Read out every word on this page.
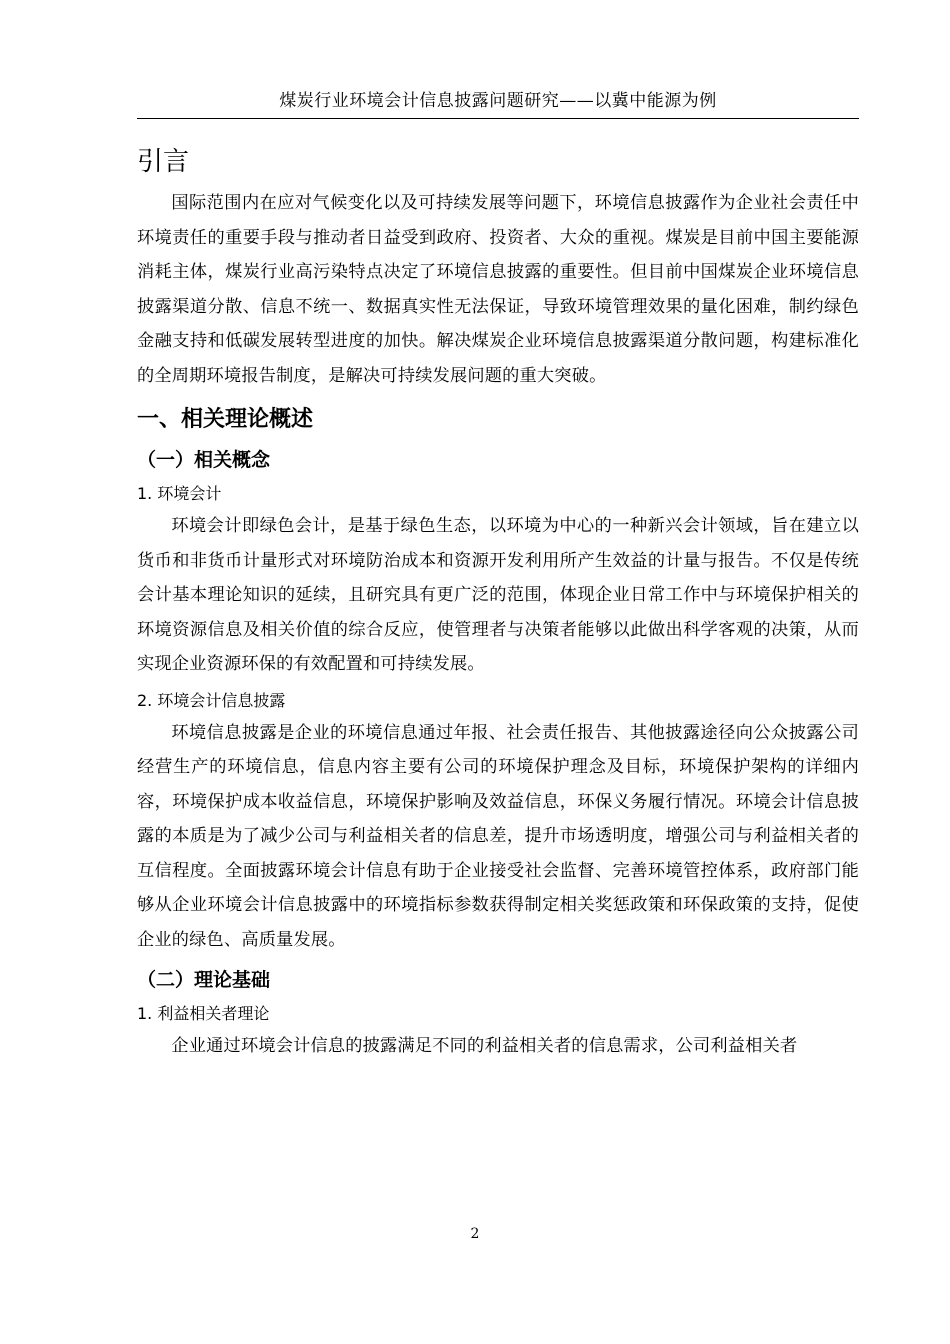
煤炭行业环境会计信息披露问题研究——以冀中能源为例
引言

国际范围内在应对气候变化以及可持续发展等问题下，环境信息披露作为企业社会责任中环境责任的重要手段与推动者日益受到政府、投资者、大众的重视。煤炭是目前中国主要能源消耗主体，煤炭行业高污染特点决定了环境信息披露的重要性。但目前中国煤炭企业环境信息披露渠道分散、信息不统一、数据真实性无法保证，导致环境管理效果的量化困难，制约绿色金融支持和低碳发展转型进度的加快。解决煤炭企业环境信息披露渠道分散问题，构建标准化的全周期环境报告制度，是解决可持续发展问题的重大突破。

一、相关理论概述
（一）相关概念
1. 环境会计

环境会计即绿色会计，是基于绿色生态，以环境为中心的一种新兴会计领域，旨在建立以货币和非货币计量形式对环境防治成本和资源开发利用所产生效益的计量与报告。不仅是传统会计基本理论知识的延续，且研究具有更广泛的范围，体现企业日常工作中与环境保护相关的环境资源信息及相关价值的综合反应，使管理者与决策者能够以此做出科学客观的决策，从而实现企业资源环保的有效配置和可持续发展。

2. 环境会计信息披露

环境信息披露是企业的环境信息通过年报、社会责任报告、其他披露途径向公众披露公司经营生产的环境信息，信息内容主要有公司的环境保护理念及目标，环境保护架构的详细内容，环境保护成本收益信息，环境保护影响及效益信息，环保义务履行情况。环境会计信息披露的本质是为了减少公司与利益相关者的信息差，提升市场透明度，增强公司与利益相关者的互信程度。全面披露环境会计信息有助于企业接受社会监督、完善环境管控体系，政府部门能够从企业环境会计信息披露中的环境指标参数获得制定相关奖惩政策和环保政策的支持，促使企业的绿色、高质量发展。

（二）理论基础
1. 利益相关者理论

企业通过环境会计信息的披露满足不同的利益相关者的信息需求，公司利益相关者

2
